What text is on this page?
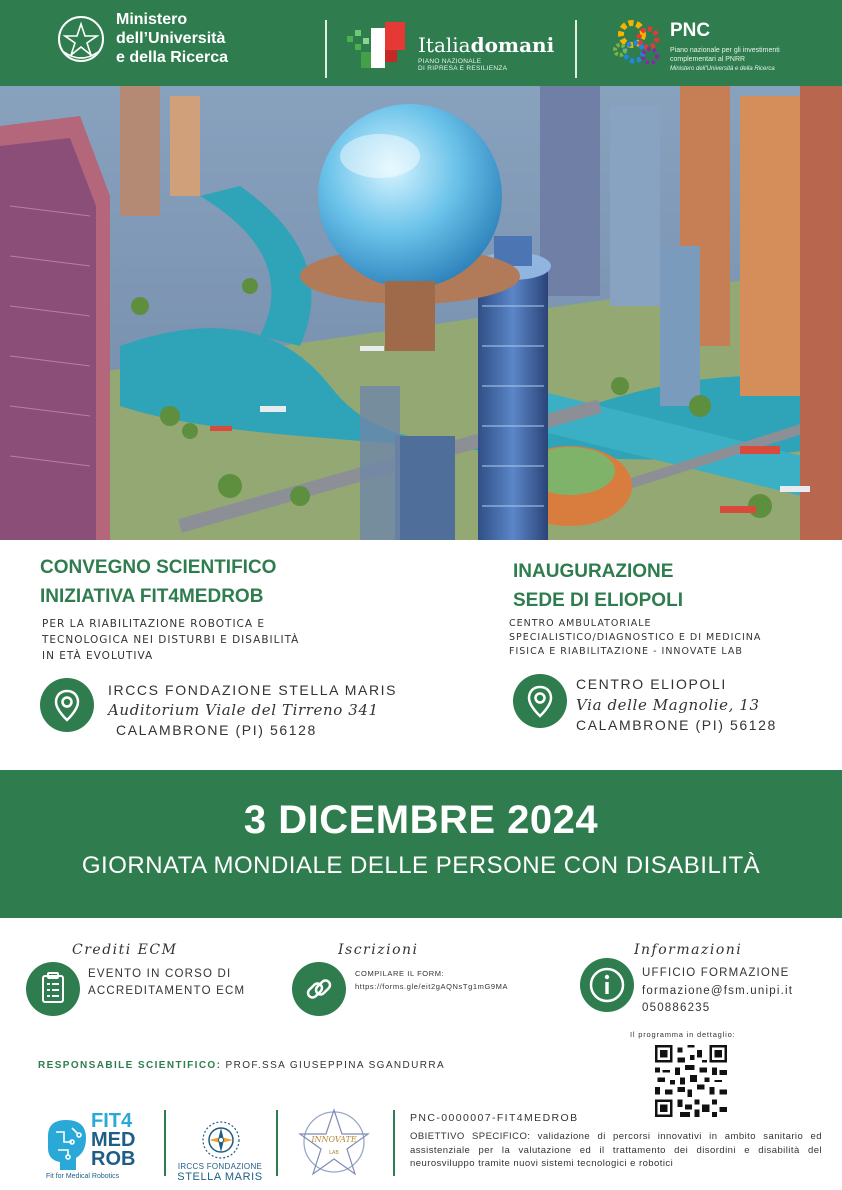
Ministero
dell’Università
e della Ricerca
Italiadomani
PIANO NAZIONALE
DI RIPRESA E RESILIENZA
PNC
Piano nazionale per gli investimenti complementari al PNRR
Ministero dell’Università e della Ricerca
CONVEGNO SCIENTIFICO
INIZIATIVA FIT4MEDROB
PER LA RIABILITAZIONE ROBOTICA E
TECNOLOGICA NEI DISTURBI E DISABILITÀ
IN ETÀ EVOLUTIVA
IRCCS FONDAZIONE STELLA MARIS
Auditorium Viale del Tirreno 341
CALAMBRONE (PI) 56128
INAUGURAZIONE
SEDE DI ELIOPOLI
CENTRO AMBULATORIALE
SPECIALISTICO/DIAGNOSTICO E DI MEDICINA
FISICA E RIABILITAZIONE - INNOVATE LAB
CENTRO ELIOPOLI
Via delle Magnolie, 13
CALAMBRONE (PI) 56128
3 DICEMBRE 2024
GIORNATA MONDIALE DELLE PERSONE CON DISABILITÀ
Crediti ECM
EVENTO IN CORSO DI
ACCREDITAMENTO ECM
Iscrizioni
COMPILARE IL FORM:
https://forms.gle/eit2gAQNsTg1mG9MA
Informazioni
UFFICIO FORMAZIONE
formazione@fsm.unipi.it
050886235
RESPONSABILE SCIENTIFICO: PROF.SSA GIUSEPPINA SGANDURRA
Il programma in dettaglio:
FIT4
MED
ROB
Fit for Medical Robotics
IRCCS FONDAZIONE
STELLA MARIS
INNOVATE
LAB
PNC-0000007-FIT4MEDROB
OBIETTIVO SPECIFICO: validazione di percorsi innovativi in ambito sanitario ed assistenziale per la valutazione ed il trattamento dei disordini e disabilità del neurosviluppo tramite nuovi sistemi tecnologici e robotici
